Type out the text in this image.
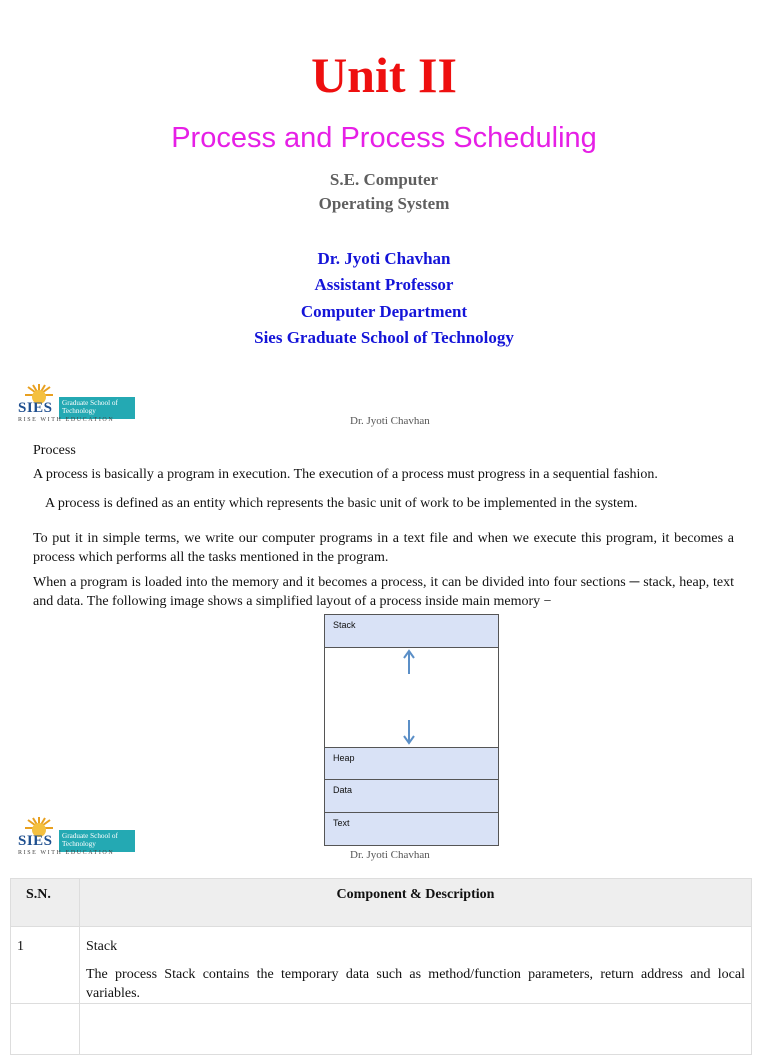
Unit II
Process and Process Scheduling
S.E. Computer
Operating System
Dr. Jyoti Chavhan
Assistant Professor
Computer Department
Sies Graduate School of Technology
SIES	Graduate School of Technology
RISE WITH EDUCATION	Dr. Jyoti Chavhan
Process
A process is basically a program in execution. The execution of a process must progress in a sequential fashion.
A process is defined as an entity which represents the basic unit of work to be implemented in the system.
To put it in simple terms, we write our computer programs in a text file and when we execute this program, it becomes a process which performs all the tasks mentioned in the program.
When a program is loaded into the memory and it becomes a process, it can be divided into four sections ─ stack, heap, text and data. The following image shows a simplified layout of a process inside main memory −
Stack
Heap
Data
Text
SIES	Graduate School of Technology
RISE WITH EDUCATION	Dr. Jyoti Chavhan
S.N.	Component & Description
1	Stack
The process Stack contains the temporary data such as method/function parameters, return address and local variables.
